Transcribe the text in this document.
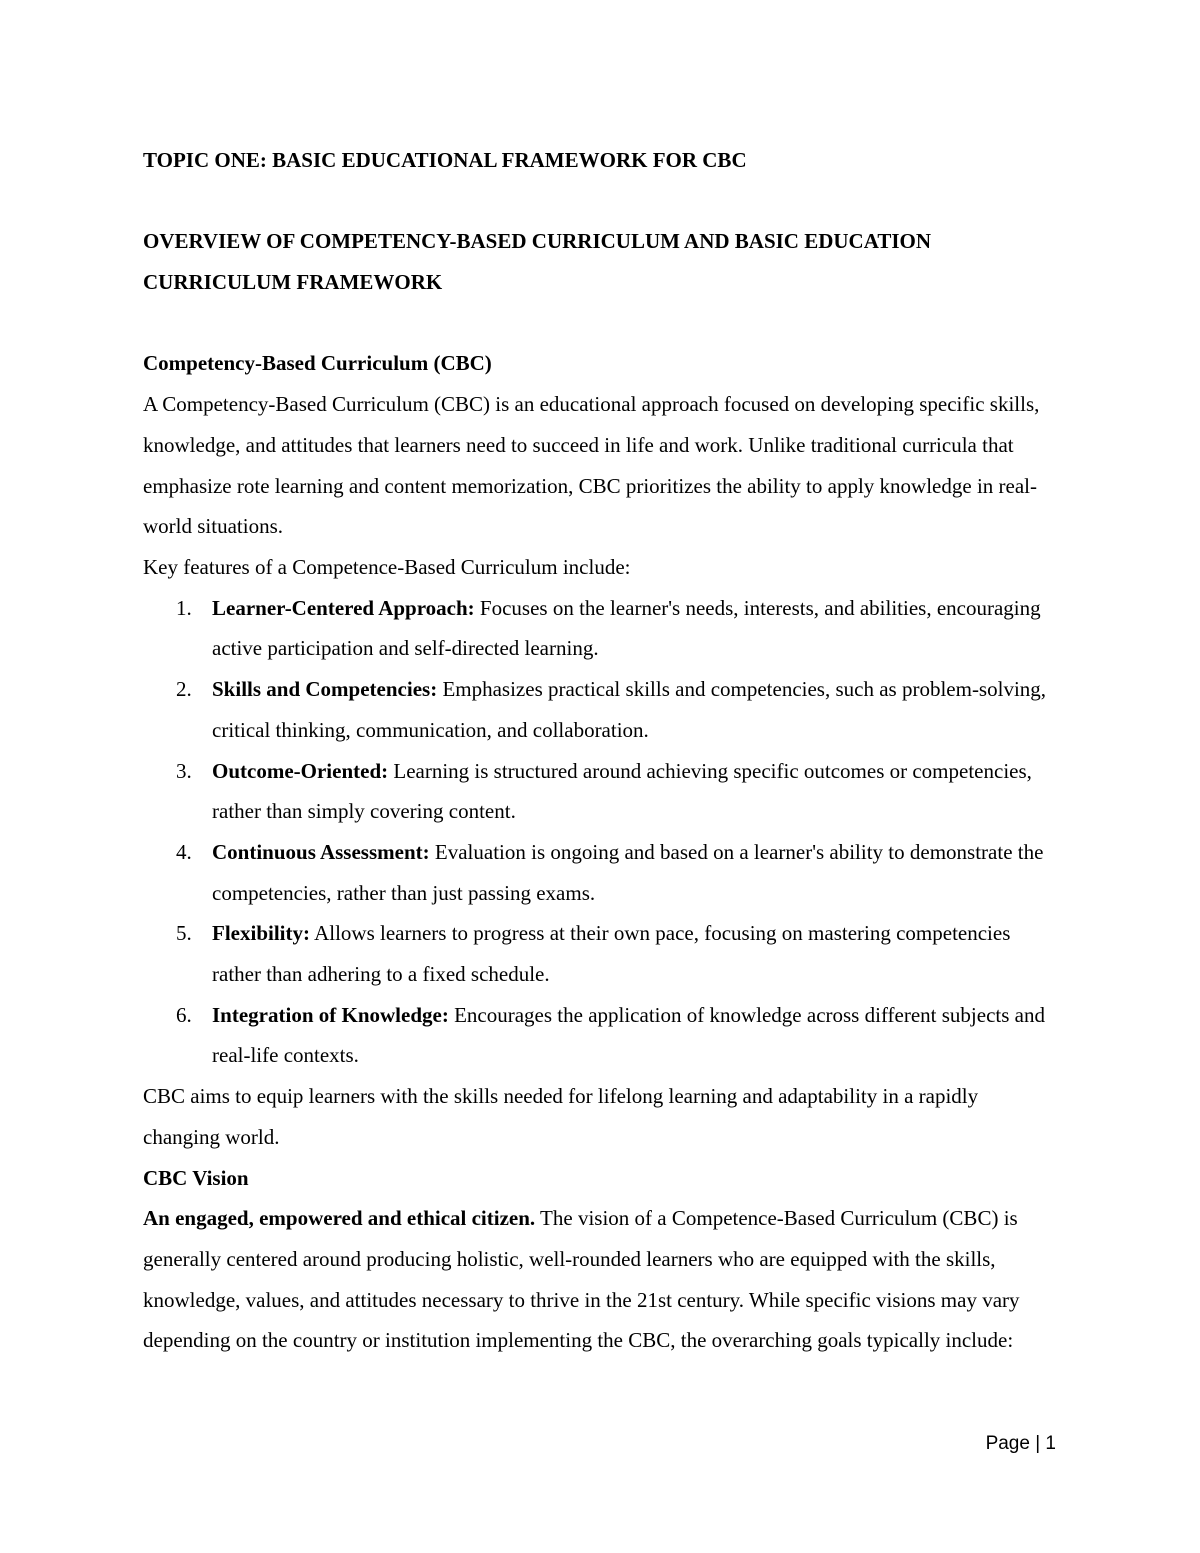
TOPIC ONE: BASIC EDUCATIONAL FRAMEWORK FOR CBC

OVERVIEW OF COMPETENCY-BASED CURRICULUM AND BASIC EDUCATION CURRICULUM FRAMEWORK

Competency-Based Curriculum (CBC)

A Competency-Based Curriculum (CBC) is an educational approach focused on developing specific skills, knowledge, and attitudes that learners need to succeed in life and work. Unlike traditional curricula that emphasize rote learning and content memorization, CBC prioritizes the ability to apply knowledge in real-world situations.

Key features of a Competence-Based Curriculum include:

1. Learner-Centered Approach: Focuses on the learner's needs, interests, and abilities, encouraging active participation and self-directed learning.
2. Skills and Competencies: Emphasizes practical skills and competencies, such as problem-solving, critical thinking, communication, and collaboration.
3. Outcome-Oriented: Learning is structured around achieving specific outcomes or competencies, rather than simply covering content.
4. Continuous Assessment: Evaluation is ongoing and based on a learner's ability to demonstrate the competencies, rather than just passing exams.
5. Flexibility: Allows learners to progress at their own pace, focusing on mastering competencies rather than adhering to a fixed schedule.
6. Integration of Knowledge: Encourages the application of knowledge across different subjects and real-life contexts.

CBC aims to equip learners with the skills needed for lifelong learning and adaptability in a rapidly changing world.

CBC Vision

An engaged, empowered and ethical citizen. The vision of a Competence-Based Curriculum (CBC) is generally centered around producing holistic, well-rounded learners who are equipped with the skills, knowledge, values, and attitudes necessary to thrive in the 21st century. While specific visions may vary depending on the country or institution implementing the CBC, the overarching goals typically include:

Page | 1
